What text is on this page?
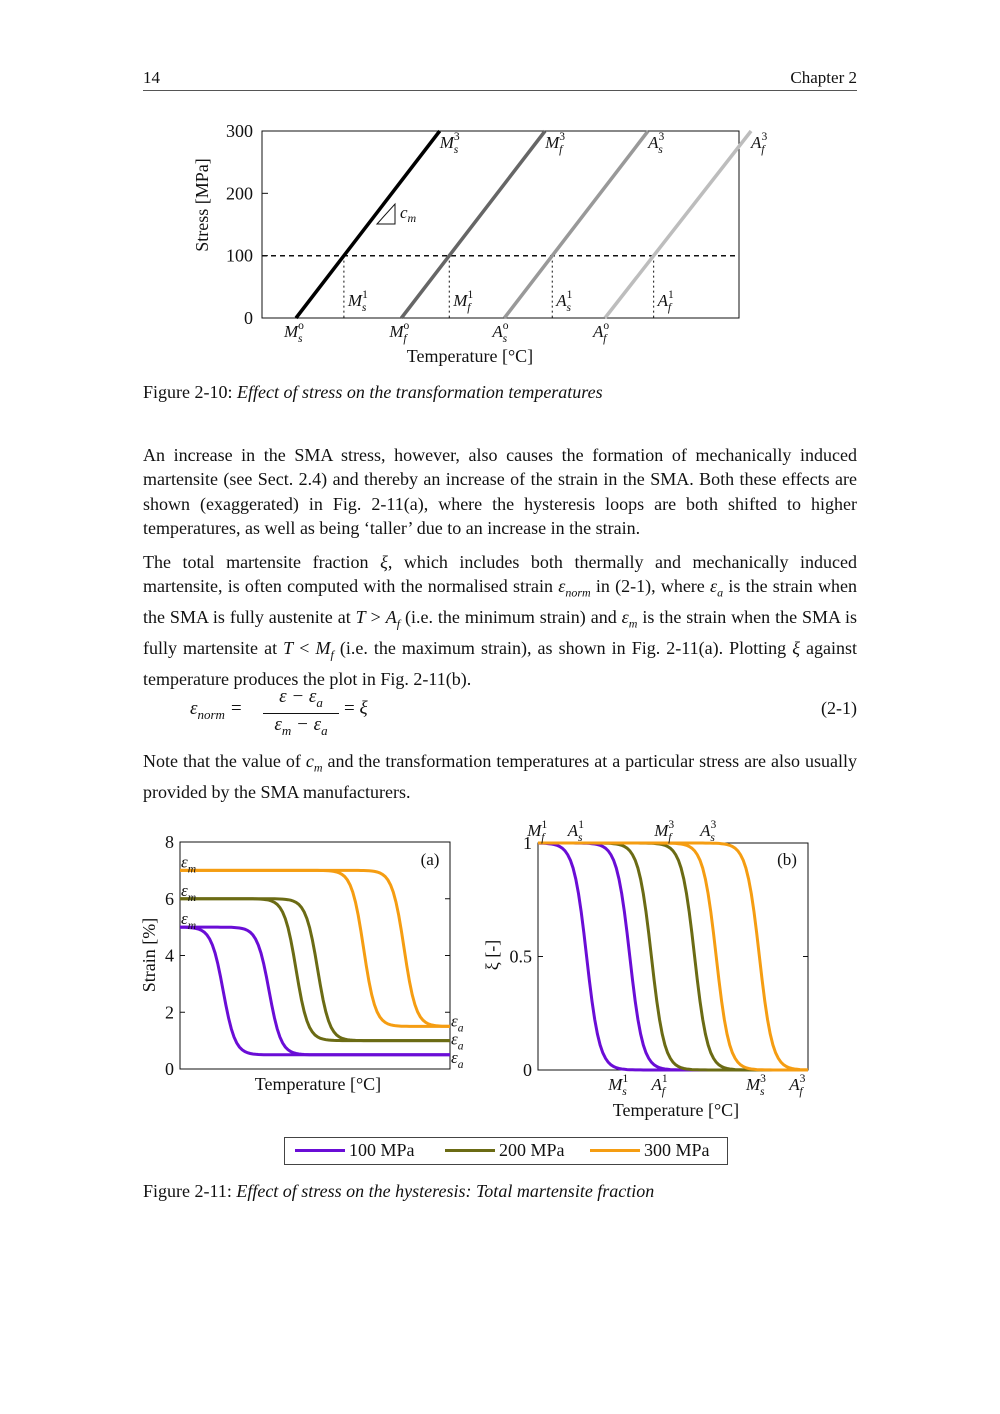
14	Chapter 2
0
100
200
300
$c_m$
$M^o$ s
$M^1$ s
$M^3$ s
$M^o$ f
$M^1$ f
$M^3$ f
$A^o$ s
$A^1$ s
$A^3$ s
$A^o$ f
$A^1$ f
$A^3$ f
Stress [MPa]
Temperature [°C]
Figure 2-10: Effect of stress on the transformation temperatures

An increase in the SMA stress, however, also causes the formation of mechanically induced martensite (see Sect. 2.4) and thereby an increase of the strain in the SMA. Both these effects are shown (exaggerated) in Fig. 2-11(a), where the hysteresis loops are both shifted to higher temperatures, as well as being ‘taller’ due to an increase in the strain.

The total martensite fraction ξ, which includes both thermally and mechanically induced martensite, is often computed with the normalised strain $\varepsilon_{norm}$ in (2-1), where $\varepsilon_a$ is the strain when the SMA is fully austenite at $T > A_f$ (i.e. the minimum strain) and $\varepsilon_m$ is the strain when the SMA is fully martensite at $T < M_f$ (i.e. the maximum strain), as shown in Fig. 2-11(a). Plotting ξ against temperature produces the plot in Fig. 2-11(b).

$\varepsilon_{norm} = \frac{\varepsilon - \varepsilon_a}{\varepsilon_m - \varepsilon_a} = \xi$	(2-1)

Note that the value of $c_m$ and the transformation temperatures at a particular stress are also usually provided by the SMA manufacturers.

0
2
4
6
8
$\varepsilon_m$
$\varepsilon_a$
$\varepsilon_m$
$\varepsilon_a$
$\varepsilon_m$
$\varepsilon_a$
(a)
Strain [%]
Temperature [°C]
0
0.5
1
$M^1$ f $A^1$ s	$M^3$ f $A^3$ s
$M^1$ s $A^1$ f	$M^3$ s $A^3$ f
(b)
ξ [-]
Temperature [°C]
100 MPa	200 MPa	300 MPa
Figure 2-11: Effect of stress on the hysteresis: Total martensite fraction
